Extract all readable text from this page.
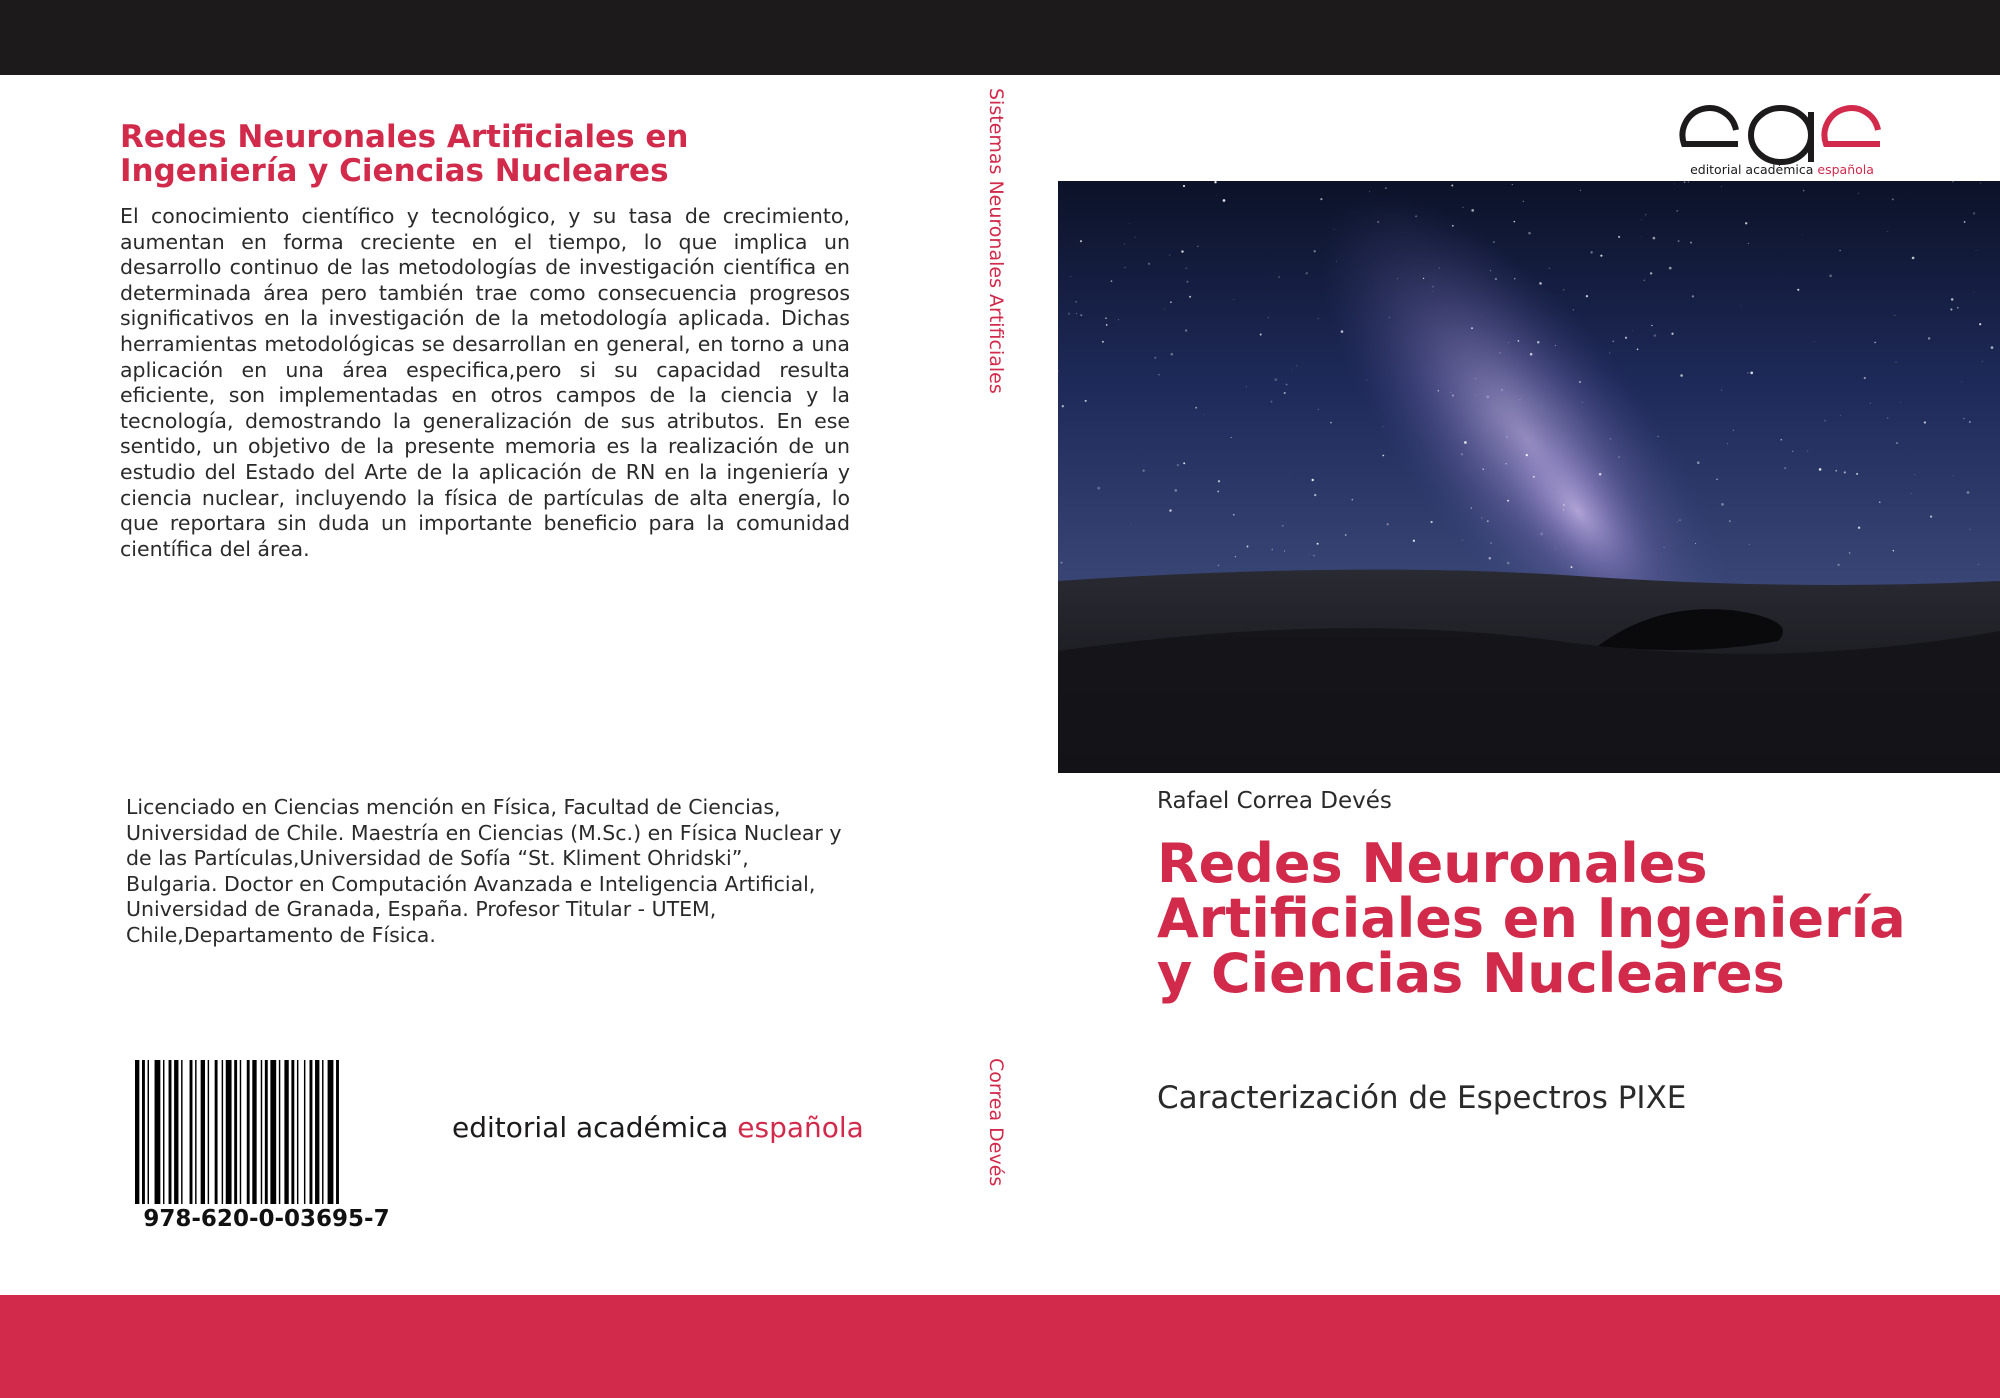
Redes Neuronales Artificiales en Ingeniería y Ciencias Nucleares
El conocimiento científico y tecnológico, y su tasa de crecimiento, aumentan en forma creciente en el tiempo, lo que implica un desarrollo continuo de las metodologías de investigación científica en determinada área pero también trae como consecuencia progresos significativos en la investigación de la metodología aplicada. Dichas herramientas metodológicas se desarrollan en general, en torno a una aplicación en una área especifica,pero si su capacidad resulta eficiente, son implementadas en otros campos de la ciencia y la tecnología, demostrando la generalización de sus atributos. En ese sentido, un objetivo de la presente memoria es la realización de un estudio del Estado del Arte de la aplicación de RN en la ingeniería y ciencia nuclear, incluyendo la física de partículas de alta energía, lo que reportara sin duda un importante beneficio para la comunidad científica del área.
Licenciado en Ciencias mención en Física, Facultad de Ciencias, Universidad de Chile. Maestría en Ciencias (M.Sc.) en Física Nuclear y de las Partículas,Universidad de Sofía “St. Kliment Ohridski”, Bulgaria. Doctor en Computación Avanzada e Inteligencia Artificial, Universidad de Granada, España. Profesor Titular - UTEM, Chile,Departamento de Física.
978-620-0-03695-7
editorial académica española
Sistemas Neuronales Artificiales
Correa Devés
editorial académica española
Rafael Correa Devés
Redes Neuronales Artificiales en Ingeniería y Ciencias Nucleares
Caracterización de Espectros PIXE
